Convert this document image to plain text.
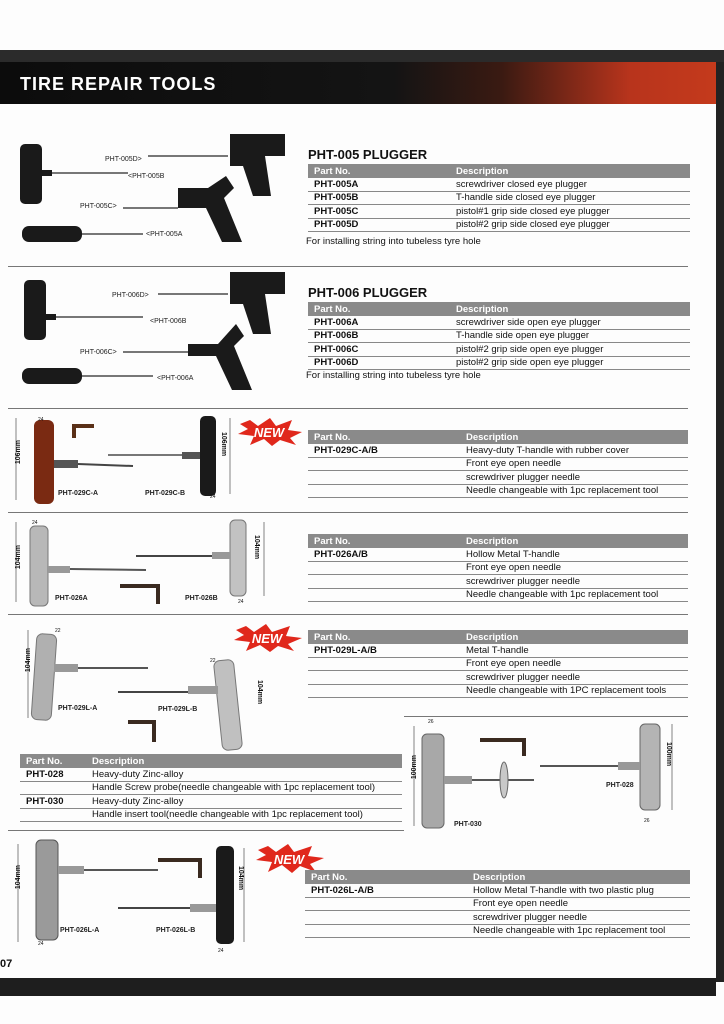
TIRE REPAIR TOOLS
PHT-005D>
<PHT-005B
PHT-005C>
<PHT-005A
PHT-005 PLUGGER
Part No.	Description
PHT-005A	screwdriver closed eye plugger
PHT-005B	T-handle side closed eye plugger
PHT-005C	pistol#1 grip side closed eye plugger
PHT-005D	pistol#2 grip side closed eye plugger
For installing string into tubeless tyre hole
PHT-006D>
<PHT-006B
PHT-006C>
<PHT-006A
PHT-006 PLUGGER
Part No.	Description
PHT-006A	screwdriver side open eye plugger
PHT-006B	T-handle side open eye plugger
PHT-006C	pistol#2 grip side open eye plugger
PHT-006D	pistol#2 grip side open eye plugger
For installing string into tubeless tyre hole
106mm	106mm
24
24
PHT-029C-A	PHT-029C-B
NEW	Part No.	Description
PHT-029C-A/B	Heavy-duty T-handle with rubber cover
	Front eye open needle
	screwdriver plugger needle
	Needle changeable with 1pc replacement tool
104mm	104mm
24
24
PHT-026A	PHT-026B
Part No.	Description
PHT-026A/B	Hollow Metal T-handle
	Front eye open needle
	screwdriver plugger needle
	Needle changeable with 1pc replacement tool
104mm
104mm
22
22
PHT-029L-A	PHT-029L-B
NEW	Part No.	Description
PHT-029L-A/B	Metal T-handle
	Front eye open needle
	screwdriver plugger needle
	Needle changeable with 1PC replacement tools
Part No.	Description
PHT-028	Heavy-duty Zinc-alloy
	Handle Screw probe(needle changeable with 1pc replacement tool)
PHT-030	Heavy-duty Zinc-alloy
	Handle insert tool(needle changeable with 1pc replacement tool)
100mm
100mm
26
26
PHT-030
PHT-028
104mm	104mm
24
24
PHT-026L-A	PHT-026L-B
NEW
Part No.	Description
PHT-026L-A/B	Hollow Metal T-handle with two plastic plug
	Front eye open needle
	screwdriver plugger needle
	Needle changeable with 1pc replacement tool
07
